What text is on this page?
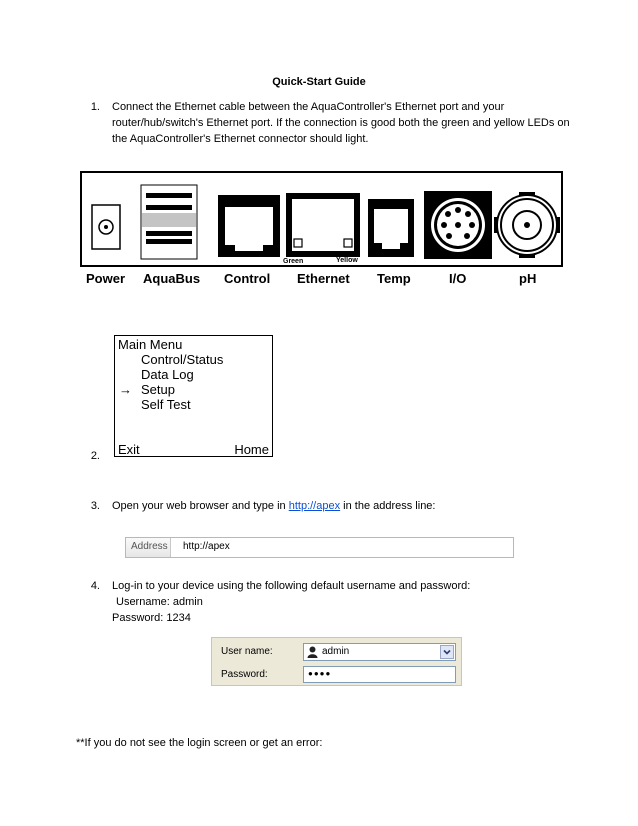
Quick-Start Guide
1. Connect the Ethernet cable between the AquaController's Ethernet port and your
router/hub/switch's Ethernet port. If the connection is good both the green and yellow LEDs on
the AquaController's Ethernet connector should light.
Green	Yellow
Power AquaBus Control Ethernet Temp	I/O	pH
Main Menu
Control/Status
Data Log
→ Setup
Self Test
Exit	Home
2.
3. Open your web browser and type in http://apex in the address line:
Address http://apex
4. Log-in to your device using the following default username and password:
Username: admin
Password: 1234
User name:	admin
Password:	●●●●
**If you do not see the login screen or get an error:
